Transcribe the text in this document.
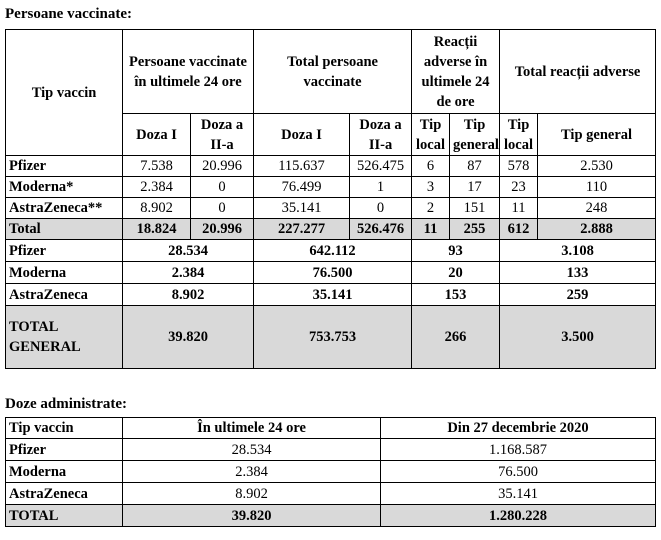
Persoane vaccinate:
Tip vaccin	Persoane vaccinate în ultimele 24 ore		Total persoane vaccinate		Reacții adverse în ultimele 24 de ore		Total reacții adverse		
	Doza I	Doza a II-a	Doza I	Doza a II-a	Tip local	Tip general	Tip local	Tip general	
Pfizer	7.538	20.996	115.637	526.475	6	87	578	2.530	
Moderna*	2.384	0	76.499	1	3	17	23	110	
AstraZeneca**	8.902	0	35.141	0	2	151	11	248	
Total	18.824	20.996	227.277	526.476	11	255	612	2.888	
Pfizer	28.534		642.112		93		3.108		
Moderna	2.384		76.500		20		133		
AstraZeneca	8.902		35.141		153		259		
TOTAL GENERAL	39.820		753.753		266		3.500	
Doze administrate:
Tip vaccin	În ultimele 24 ore	Din 27 decembrie 2020
Pfizer	28.534	1.168.587
Moderna	2.384	76.500
AstraZeneca	8.902	35.141
TOTAL	39.820	1.280.228
